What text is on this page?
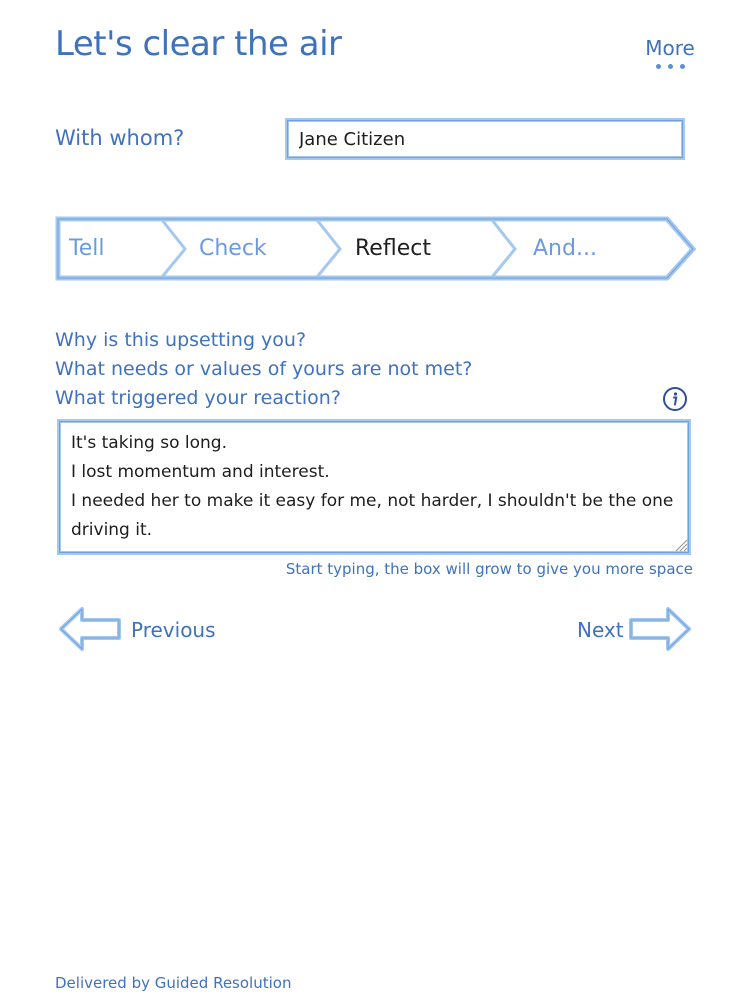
Let's clear the air	More
With whom?
Jane Citizen
Tell	Check	Reflect	And...
Why is this upsetting you?
What needs or values of yours are not met?
What triggered your reaction?
It's taking so long. I lost momentum and interest. I needed her to make it easy for me, not harder, I shouldn't be the one driving it.
Start typing, the box will grow to give you more space
Previous	Next
Delivered by Guided Resolution
